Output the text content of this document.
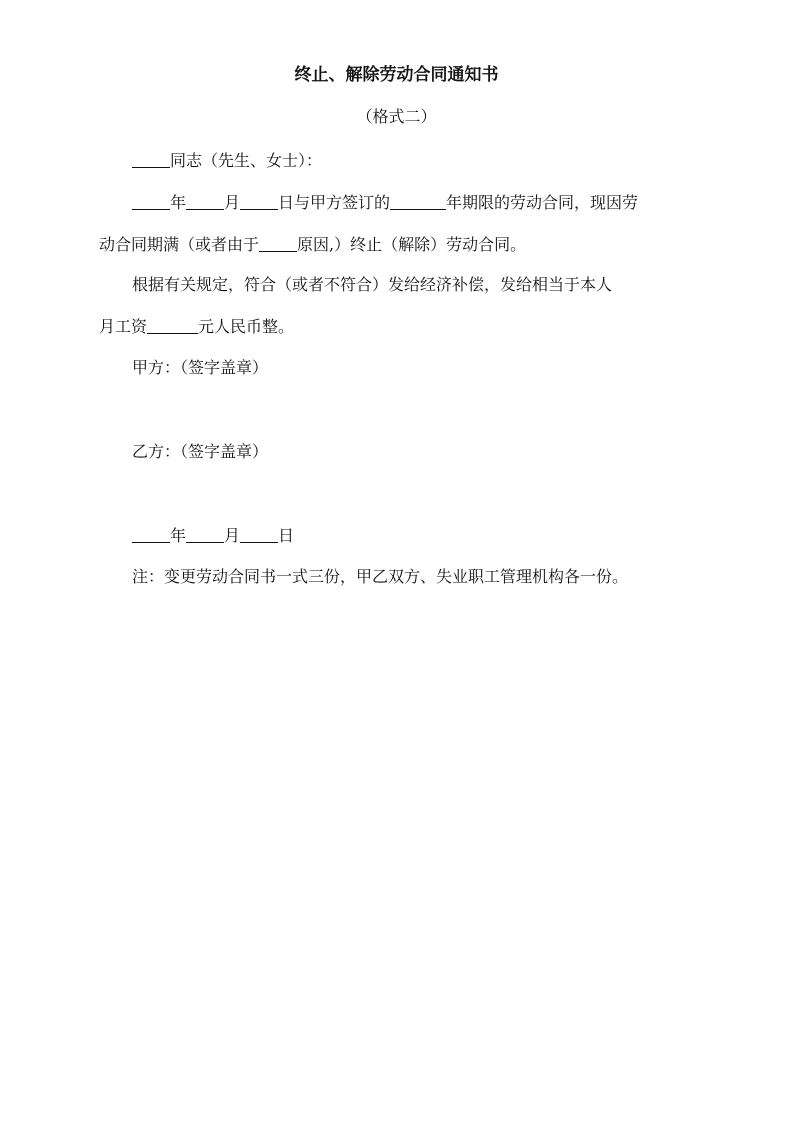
终止、解除劳动合同通知书
（格式二）
同志（先生、女士）：
年 月 日与甲方签订的	年期限的劳动合同，现因劳
动合同期满（或者由于 原因,）终止（解除）劳动合同。
根据有关规定，符合（或者不符合）发给经济补偿，发给相当于本人
月工资	元人民币整。
甲方：（签字盖章）
乙方：（签字盖章）
年 月 日
注：变更劳动合同书一式三份，甲乙双方、失业职工管理机构各一份。
